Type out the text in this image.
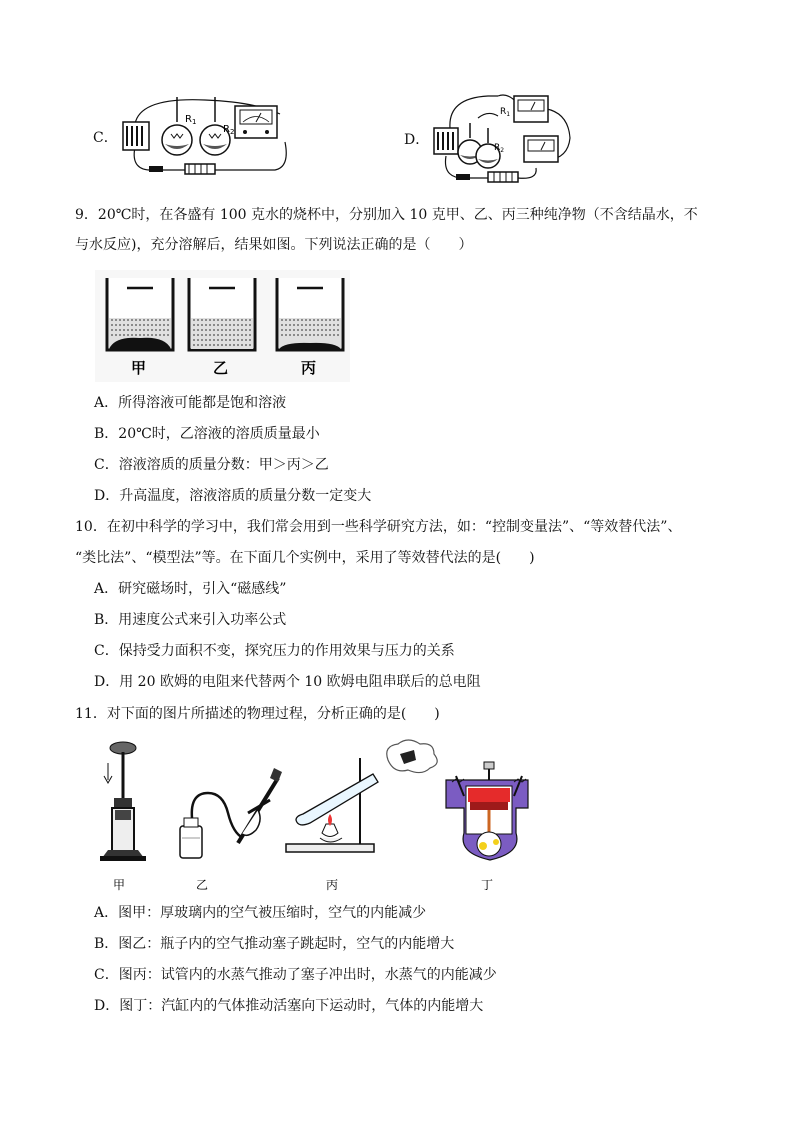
C．
$R_1$
$R_2$	D．
$R_1$
$R_2$
9．20℃时，在各盛有 100 克水的烧杯中，分别加入 10 克甲、乙、丙三种纯净物（不含结晶水，不
与水反应)，充分溶解后，结果如图。下列说法正确的是（　　）
甲	乙	丙
A．所得溶液可能都是饱和溶液
B．20℃时，乙溶液的溶质质量最小
C．溶液溶质的质量分数：甲＞丙＞乙
D．升高温度，溶液溶质的质量分数一定变大
10．在初中科学的学习中，我们常会用到一些科学研究方法，如：“控制变量法”、“等效替代法”、
“类比法”、“模型法”等。在下面几个实例中，采用了等效替代法的是(　　)
A．研究磁场时，引入“磁感线”
B．用速度公式来引入功率公式
C．保持受力面积不变，探究压力的作用效果与压力的关系
D．用 20 欧姆的电阻来代替两个 10 欧姆电阻串联后的总电阻
11．对下面的图片所描述的物理过程，分析正确的是(　　)
甲	乙	丙	丁
A．图甲：厚玻璃内的空气被压缩时，空气的内能减少
B．图乙：瓶子内的空气推动塞子跳起时，空气的内能增大
C．图丙：试管内的水蒸气推动了塞子冲出时，水蒸气的内能减少
D．图丁：汽缸内的气体推动活塞向下运动时，气体的内能增大
